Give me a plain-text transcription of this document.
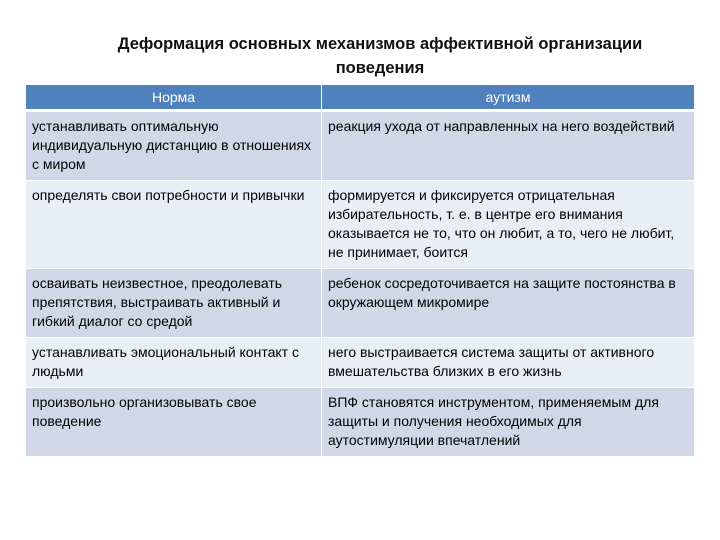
Деформация основных механизмов аффективной организации
поведения
Норма	аутизм
устанавливать оптимальную индивидуальную дистанцию в отношениях с миром	реакция ухода от направленных на него воздействий
определять свои потребности и привычки	формируется и фиксируется отрицательная избирательность, т. е. в центре его внимания оказывается не то, что он любит, а то, чего не любит, не принимает, боится
осваивать неизвестное, преодолевать препятствия, выстраивать активный и гибкий диалог со средой	ребенок сосредоточивается на защите постоянства в окружающем микромире
устанавливать эмоциональный контакт с людьми	него выстраивается система защиты от активного вмешательства близких в его жизнь
произвольно организовывать свое поведение	ВПФ становятся инструментом, применяемым для защиты и получения необходимых для аутостимуляции впечатлений
